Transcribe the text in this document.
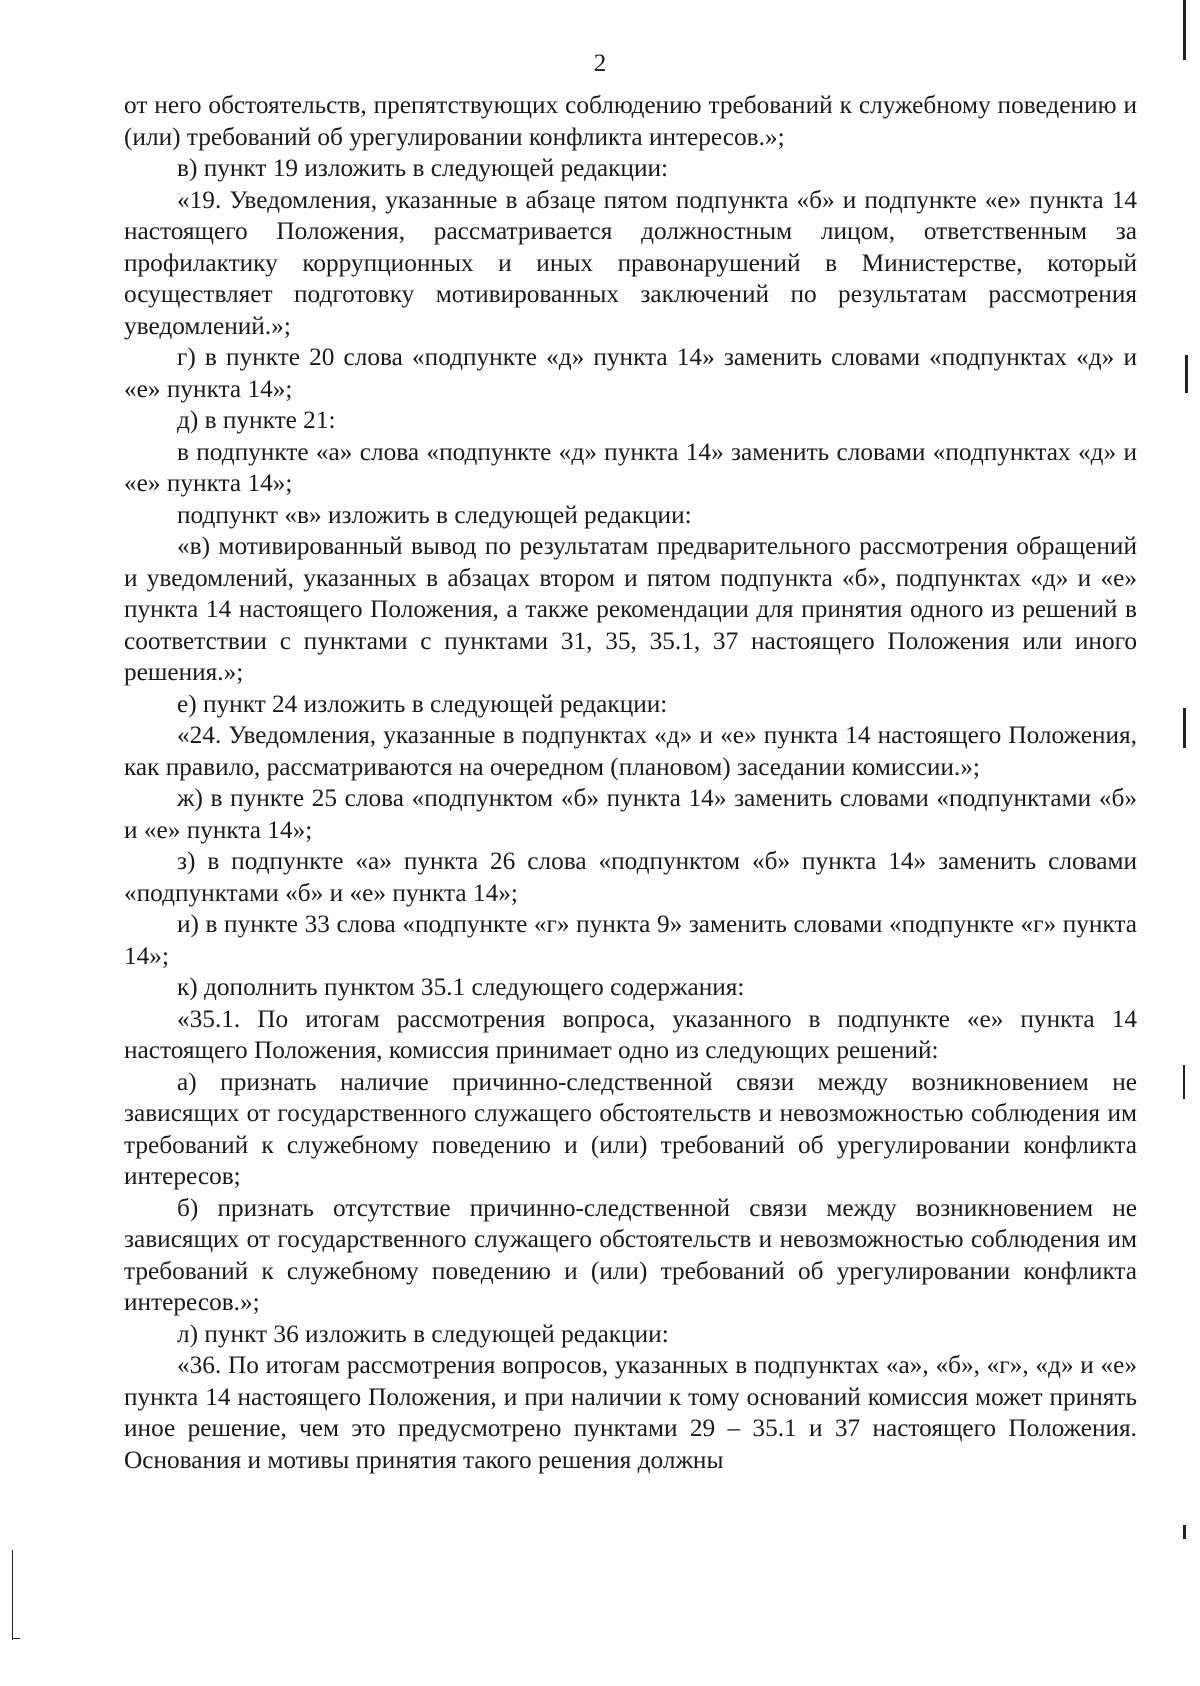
2

от него обстоятельств, препятствующих соблюдению требований к служебному поведению и (или) требований об урегулировании конфликта интересов.»;

в) пункт 19 изложить в следующей редакции:

«19. Уведомления, указанные в абзаце пятом подпункта «б» и подпункте «е» пункта 14 настоящего Положения, рассматривается должностным лицом, ответственным за профилактику коррупционных и иных правонарушений в Министерстве, который осуществляет подготовку мотивированных заключений по результатам рассмотрения уведомлений.»;

г) в пункте 20 слова «подпункте «д» пункта 14» заменить словами «подпунктах «д» и «е» пункта 14»;

д) в пункте 21:

в подпункте «а» слова «подпункте «д» пункта 14» заменить словами «подпунктах «д» и «е» пункта 14»;

подпункт «в» изложить в следующей редакции:

«в) мотивированный вывод по результатам предварительного рассмотрения обращений и уведомлений, указанных в абзацах втором и пятом подпункта «б», подпунктах «д» и «е» пункта 14 настоящего Положения, а также рекомендации для принятия одного из решений в соответствии с пунктами с пунктами 31, 35, 35.1, 37 настоящего Положения или иного решения.»;

е) пункт 24 изложить в следующей редакции:

«24. Уведомления, указанные в подпунктах «д» и «е» пункта 14 настоящего Положения, как правило, рассматриваются на очередном (плановом) заседании комиссии.»;

ж) в пункте 25 слова «подпунктом «б» пункта 14» заменить словами «подпунктами «б» и «е» пункта 14»;

з) в подпункте «а» пункта 26 слова «подпунктом «б» пункта 14» заменить словами «подпунктами «б» и «е» пункта 14»;

и) в пункте 33 слова «подпункте «г» пункта 9» заменить словами «подпункте «г» пункта 14»;

к) дополнить пунктом 35.1 следующего содержания:

«35.1. По итогам рассмотрения вопроса, указанного в подпункте «е» пункта 14 настоящего Положения, комиссия принимает одно из следующих решений:

а) признать наличие причинно-следственной связи между возникновением не зависящих от государственного служащего обстоятельств и невозможностью соблюдения им требований к служебному поведению и (или) требований об урегулировании конфликта интересов;

б) признать отсутствие причинно-следственной связи между возникновением не зависящих от государственного служащего обстоятельств и невозможностью соблюдения им требований к служебному поведению и (или) требований об урегулировании конфликта интересов.»;

л) пункт 36 изложить в следующей редакции:

«36. По итогам рассмотрения вопросов, указанных в подпунктах «а», «б», «г», «д» и «е» пункта 14 настоящего Положения, и при наличии к тому оснований комиссия может принять иное решение, чем это предусмотрено пунктами 29 – 35.1 и 37 настоящего Положения. Основания и мотивы принятия такого решения должны
